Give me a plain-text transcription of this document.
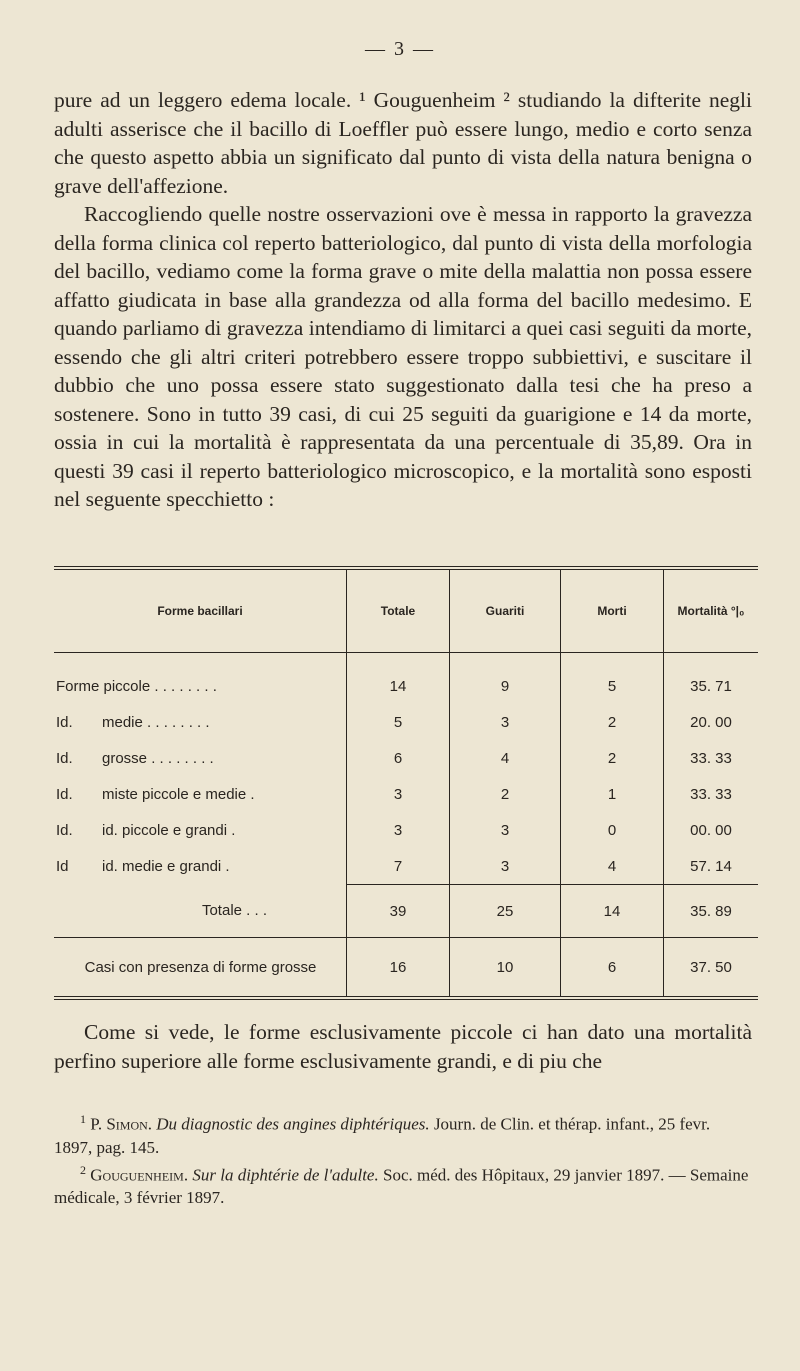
— 3 —

pure ad un leggero edema locale. ¹ Gouguenheim ² studiando la difterite negli adulti asserisce che il bacillo di Loeffler può essere lungo, medio e corto senza che questo aspetto abbia un significato dal punto di vista della natura benigna o grave dell'affezione.

Raccogliendo quelle nostre osservazioni ove è messa in rapporto la gravezza della forma clinica col reperto batteriologico, dal punto di vista della morfologia del bacillo, vediamo come la forma grave o mite della malattia non possa essere affatto giudicata in base alla grandezza od alla forma del bacillo medesimo. E quando parliamo di gravezza intendiamo di limitarci a quei casi seguiti da morte, essendo che gli altri criteri potrebbero essere troppo subbiettivi, e suscitare il dubbio che uno possa essere stato suggestionato dalla tesi che ha preso a sostenere. Sono in tutto 39 casi, di cui 25 seguiti da guarigione e 14 da morte, ossia in cui la mortalità è rappresentata da una percentuale di 35,89. Ora in questi 39 casi il reperto batteriologico microscopico, e la mortalità sono esposti nel seguente specchietto :

Forme bacillari	Totale	Guariti	Morti	Mortalità °|₀
Forme piccole . . . . . . . .	14	9	5	35. 71
Id. medie . . . . . . . .	5	3	2	20. 00
Id. grosse . . . . . . . .	6	4	2	33. 33
Id. miste piccole e medie .	3	2	1	33. 33
Id. id. piccole e grandi .	3	3	0	00. 00
Id id. medie e grandi .	7	3	4	57. 14
Totale . . .	39	25	14	35. 89
Casi con presenza di forme grosse	16	10	6	37. 50

Come si vede, le forme esclusivamente piccole ci han dato una mortalità perfino superiore alle forme esclusivamente grandi, e di piu che

$^1$ P. Simon. Du diagnostic des angines diphtériques. Journ. de Clin. et thérap. infant., 25 fevr. 1897, pag. 145.

$^2$ Gouguenheim. Sur la diphtérie de l'adulte. Soc. méd. des Hôpitaux, 29 janvier 1897. — Semaine médicale, 3 février 1897.
